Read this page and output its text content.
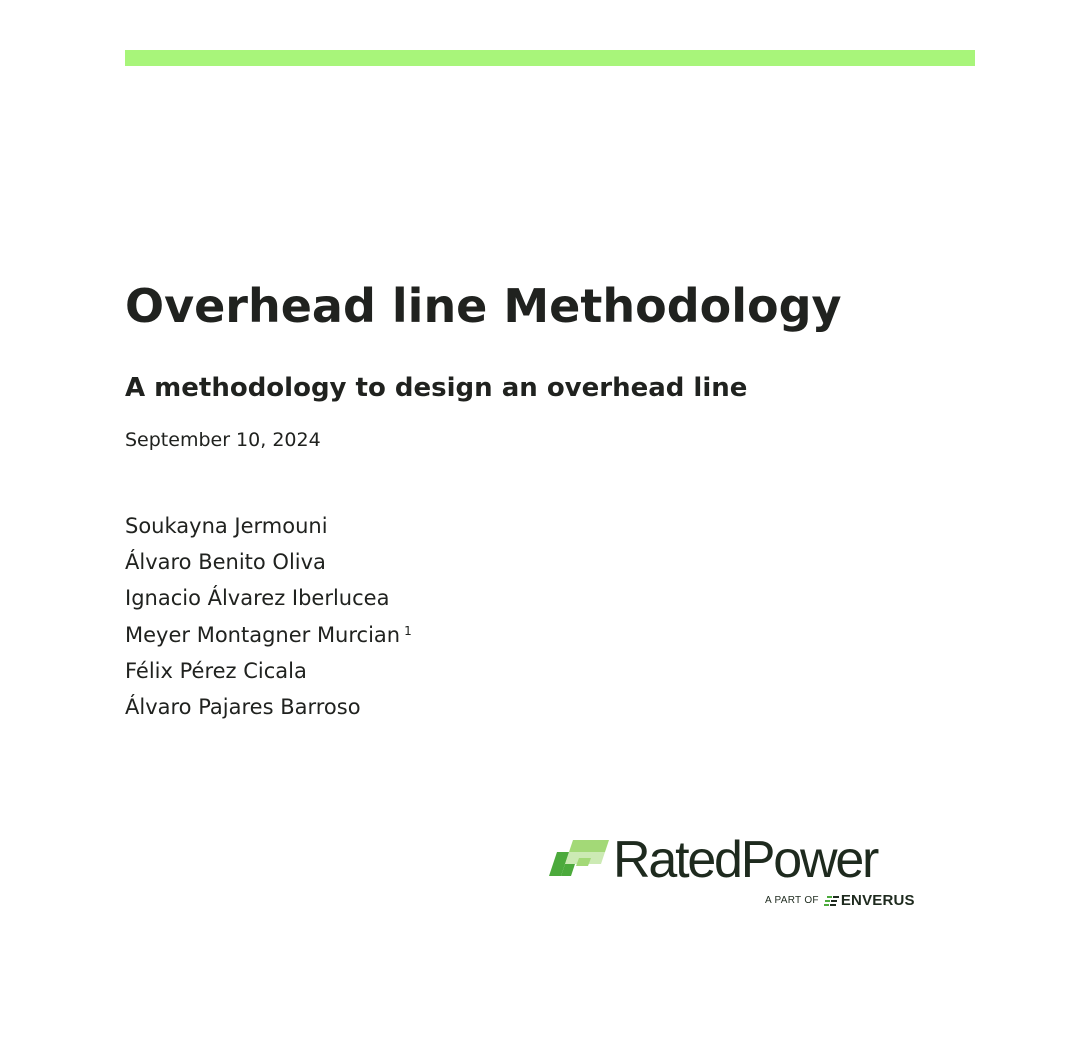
Overhead line Methodology
A methodology to design an overhead line
September 10, 2024
Soukayna Jermouni
Álvaro Benito Oliva
Ignacio Álvarez Iberlucea
Meyer Montagner Murcian $^1$
Félix Pérez Cicala
Álvaro Pajares Barroso
RatedPower
A PART OF ENVERUS
